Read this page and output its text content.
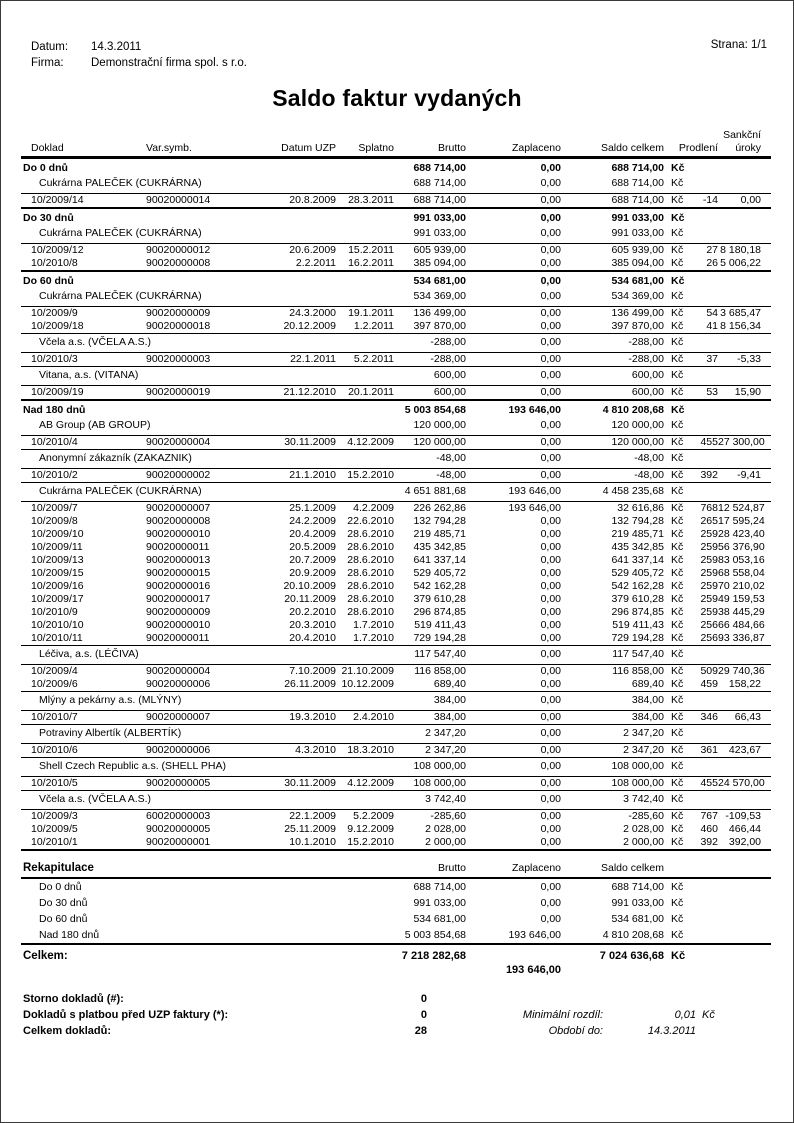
Datum: 14.3.2011
Firma: Demonstrační firma spol. s r.o.
Strana: 1/1
Saldo faktur vydaných
								Sankční	
Doklad	Var.symb.	Datum UZP	Splatno	Brutto	Zaplaceno	Saldo celkem	Prodlení		úroky
Do 0 dnů				688 714,00	0,00	688 714,00	Kč		
Cukrárna PALEČEK (CUKRÁRNA)				688 714,00	0,00	688 714,00	Kč		
10/2009/14	90020000014	20.8.2009	28.3.2011	688 714,00	0,00	688 714,00	Kč	-14	0,00
Do 30 dnů				991 033,00	0,00	991 033,00	Kč		
Cukrárna PALEČEK (CUKRÁRNA)				991 033,00	0,00	991 033,00	Kč		
10/2009/12	90020000012	20.6.2009	15.2.2011	605 939,00	0,00	605 939,00	Kč	27	8 180,18
10/2010/8	90020000008	2.2.2011	16.2.2011	385 094,00	0,00	385 094,00	Kč	26	5 006,22
Do 60 dnů				534 681,00	0,00	534 681,00	Kč		
Cukrárna PALEČEK (CUKRÁRNA)				534 369,00	0,00	534 369,00	Kč		
10/2009/9	90020000009	24.3.2000	19.1.2011	136 499,00	0,00	136 499,00	Kč	54	3 685,47
10/2009/18	90020000018	20.12.2009	1.2.2011	397 870,00	0,00	397 870,00	Kč	41	8 156,34
Včela a.s. (VČELA A.S.)				-288,00	0,00	-288,00	Kč		
10/2010/3	90020000003	22.1.2011	5.2.2011	-288,00	0,00	-288,00	Kč	37	-5,33
Vitana, a.s. (VITANA)				600,00	0,00	600,00	Kč		
10/2009/19	90020000019	21.12.2010	20.1.2011	600,00	0,00	600,00	Kč	53	15,90
Nad 180 dnů				5 003 854,68	193 646,00	4 810 208,68	Kč		
AB Group (AB GROUP)				120 000,00	0,00	120 000,00	Kč		
10/2010/4	90020000004	30.11.2009	4.12.2009	120 000,00	0,00	120 000,00	Kč	455	27 300,00
Anonymní zákazník (ZAKAZNIK)				-48,00	0,00	-48,00	Kč		
10/2010/2	90020000002	21.1.2010	15.2.2010	-48,00	0,00	-48,00	Kč	392	-9,41
Cukrárna PALEČEK (CUKRÁRNA)				4 651 881,68	193 646,00	4 458 235,68	Kč		
10/2009/7	90020000007	25.1.2009	4.2.2009	226 262,86	193 646,00	32 616,86	Kč	768	12 524,87
10/2009/8	90020000008	24.2.2009	22.6.2010	132 794,28	0,00	132 794,28	Kč	265	17 595,24
10/2009/10	90020000010	20.4.2009	28.6.2010	219 485,71	0,00	219 485,71	Kč	259	28 423,40
10/2009/11	90020000011	20.5.2009	28.6.2010	435 342,85	0,00	435 342,85	Kč	259	56 376,90
10/2009/13	90020000013	20.7.2009	28.6.2010	641 337,14	0,00	641 337,14	Kč	259	83 053,16
10/2009/15	90020000015	20.9.2009	28.6.2010	529 405,72	0,00	529 405,72	Kč	259	68 558,04
10/2009/16	90020000016	20.10.2009	28.6.2010	542 162,28	0,00	542 162,28	Kč	259	70 210,02
10/2009/17	90020000017	20.11.2009	28.6.2010	379 610,28	0,00	379 610,28	Kč	259	49 159,53
10/2010/9	90020000009	20.2.2010	28.6.2010	296 874,85	0,00	296 874,85	Kč	259	38 445,29
10/2010/10	90020000010	20.3.2010	1.7.2010	519 411,43	0,00	519 411,43	Kč	256	66 484,66
10/2010/11	90020000011	20.4.2010	1.7.2010	729 194,28	0,00	729 194,28	Kč	256	93 336,87
Léčiva, a.s. (LÉČIVA)				117 547,40	0,00	117 547,40	Kč		
10/2009/4	90020000004	7.10.2009	21.10.2009	116 858,00	0,00	116 858,00	Kč	509	29 740,36
10/2009/6	90020000006	26.11.2009	10.12.2009	689,40	0,00	689,40	Kč	459	158,22
Mlýny a pekárny a.s. (MLÝNY)				384,00	0,00	384,00	Kč		
10/2010/7	90020000007	19.3.2010	2.4.2010	384,00	0,00	384,00	Kč	346	66,43
Potraviny Albertík (ALBERTÍK)				2 347,20	0,00	2 347,20	Kč		
10/2010/6	90020000006	4.3.2010	18.3.2010	2 347,20	0,00	2 347,20	Kč	361	423,67
Shell Czech Republic a.s. (SHELL PHA)				108 000,00	0,00	108 000,00	Kč		
10/2010/5	90020000005	30.11.2009	4.12.2009	108 000,00	0,00	108 000,00	Kč	455	24 570,00
Včela a.s. (VČELA A.S.)				3 742,40	0,00	3 742,40	Kč		
10/2009/3	60020000003	22.1.2009	5.2.2009	-285,60	0,00	-285,60	Kč	767	-109,53
10/2009/5	90020000005	25.11.2009	9.12.2009	2 028,00	0,00	2 028,00	Kč	460	466,44
10/2010/1	90020000001	10.1.2010	15.2.2010	2 000,00	0,00	2 000,00	Kč	392	392,00
Rekapitulace	Brutto	Zaplaceno	Saldo celkem		
Do 0 dnů	688 714,00	0,00	688 714,00	Kč	
Do 30 dnů	991 033,00	0,00	991 033,00	Kč	
Do 60 dnů	534 681,00	0,00	534 681,00	Kč	
Nad 180 dnů	5 003 854,68	193 646,00	4 810 208,68	Kč	
Celkem:	7 218 282,68		7 024 636,68	Kč	
		193 646,00			
Storno dokladů (#):	0
Dokladů s platbou před UZP faktury (*):	0	Minimální rozdíl:	0,01 Kč
Celkem dokladů:	28	Období do:	14.3.2011
